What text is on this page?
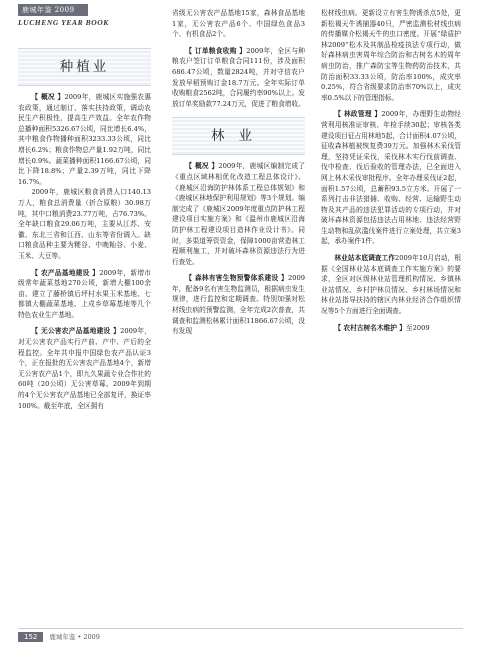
鹿城年鉴 2009
LUCHENG YEAR BOOK
种植业

【 概况 】2009年，鹿城区实施强农惠农政策，通过制订、落实扶持政策，调动农民生产积极性，提高生产效益。全年农作物总播种面积5326.67公顷，同比增长6.4%，其中粮食作物播种面积3233.33公顷，同比增长6.2%；粮食作物总产量1.92万吨，同比增长0.9%。蔬菜播种面积1166.67公顷，同比下降18.8%；产量2.39万吨，同比下降16.7%。

2009年，鹿城区粮食消费人口140.13万人，粮食总消费量（折合原粮）30.98万吨，其中口粮消费23.77万吨，占76.73%。全年缺口粮食29.06万吨，主要从江苏、安徽、东北三省和江西、山东等省份调入。缺口粮食品种主要为粳谷、中晚籼谷、小麦、玉米、大豆等。

【 农产品基地建设 】2009年，新增市级常年蔬菜基地270公顷，新增大棚100余亩。建立了藤桥镇后坪村水果玉米基地、七都镇大棚蔬菜基地、上戍乡草莓基地等几个特色农业生产基地。

【 无公害农产品基地建设 】2009年，对无公害农产品实行产前、产中、产后的全程监控。全年共申报中国绿色农产品认证3个，正在报批的无公害农产品基地4个，新增无公害农产品1个，即九久果蔬专业合作社的60吨（20公顷）无公害草莓。2009年到期的4个无公害农产品基地已全部复评，换证率100%。截至年底，全区拥有

省级无公害农产品基地15家，森林食品基地1家，无公害农产品6个、中国绿色食品3个、有机食品2个。

【 订单粮食收购 】2009年，全区与种粮农户签订订单粮食合同111份，涉及面积686.47公顷，数量2824吨，并对守信农户发放早稻预购订金18.7万元。全年实际订单收购粮食2562吨，合同履约率90%以上。发放订单奖励款77.24万元，促进了粮食增收。

林业

【 概况 】2009年，鹿城区编制完成了《重点区域林相优化改造工程总体设计》、《鹿城区沿海防护林体系工程总体规划》和《鹿城区林地保护利用规划》等3个规划。编制完成了《鹿城区2009年度重点防护林工程建设项目实施方案》和《温州市鹿城区沿海防护林工程建设项目造林作业设计书》。同时，多渠道筹资资金，保障1000亩营造林工程顺利施工，并对破坏森林资源违法行为进行查处。

【 森林有害生物预警体系建设 】2009年，配备9名有害生物监测员，根据病虫发生规律，进行监控和定期调查。特别加强对松材线虫病的预警监测，全年完成2次普查，共调查和监测松林累计面积11866.67公顷，没有发现

松材线虫病。更新设立有害生物诱杀点5处，更新松褐天牛诱捕器40只，严密监测松材线虫病的传播媒介松褐天牛的虫口密度。开展“绿盾护林2009”松木及其制品检疫执法专项行动，做好森林病虫害周年综合防治和古树名木的周年病虫防治，推广森防宝等生物药防治技术，共防治面积33.33公顷，防治率100%，成灾率0.25%，符合省级要求防治率70%以上，成灾率0.5%以下的管理指标。

【 林政管理 】2009年，办理野生动物经营利用核准证审核、年检手续30起；审核各类建设项目征占用林地5起，合计面积4.07公顷，征收森林植被恢复费39万元。加强林木采伐管理，坚持凭证采伐，采伐林木实行伐前调查、伐中检查、伐后验收的管理办法，已全面进入网上林木采伐审批程序。全年办理采伐证2起，面积1.57公顷，总蓄积93.5立方米。开展了一系列打击非法猎捕、收购、经营、运输野生动物及其产品的违法犯罪活动的专项行动，并对破坏森林资源包括违法占用林地、违法经营野生动物和乱砍滥伐案件进行立案处理，共立案3起，承办案件1件。

林业站本底调查工作2009年10月启动，根据《全国林业站本底调查工作实施方案》的要求，全区对区级林业站管理机构情况、乡镇林业站情况、乡村护林员情况、乡村林场情况和林业站指导扶持的辖区内林业经济合作组织情况等5个方面进行全面调查。

【 农村古树名木维护 】至2009

152	鹿城年鉴 • 2009
